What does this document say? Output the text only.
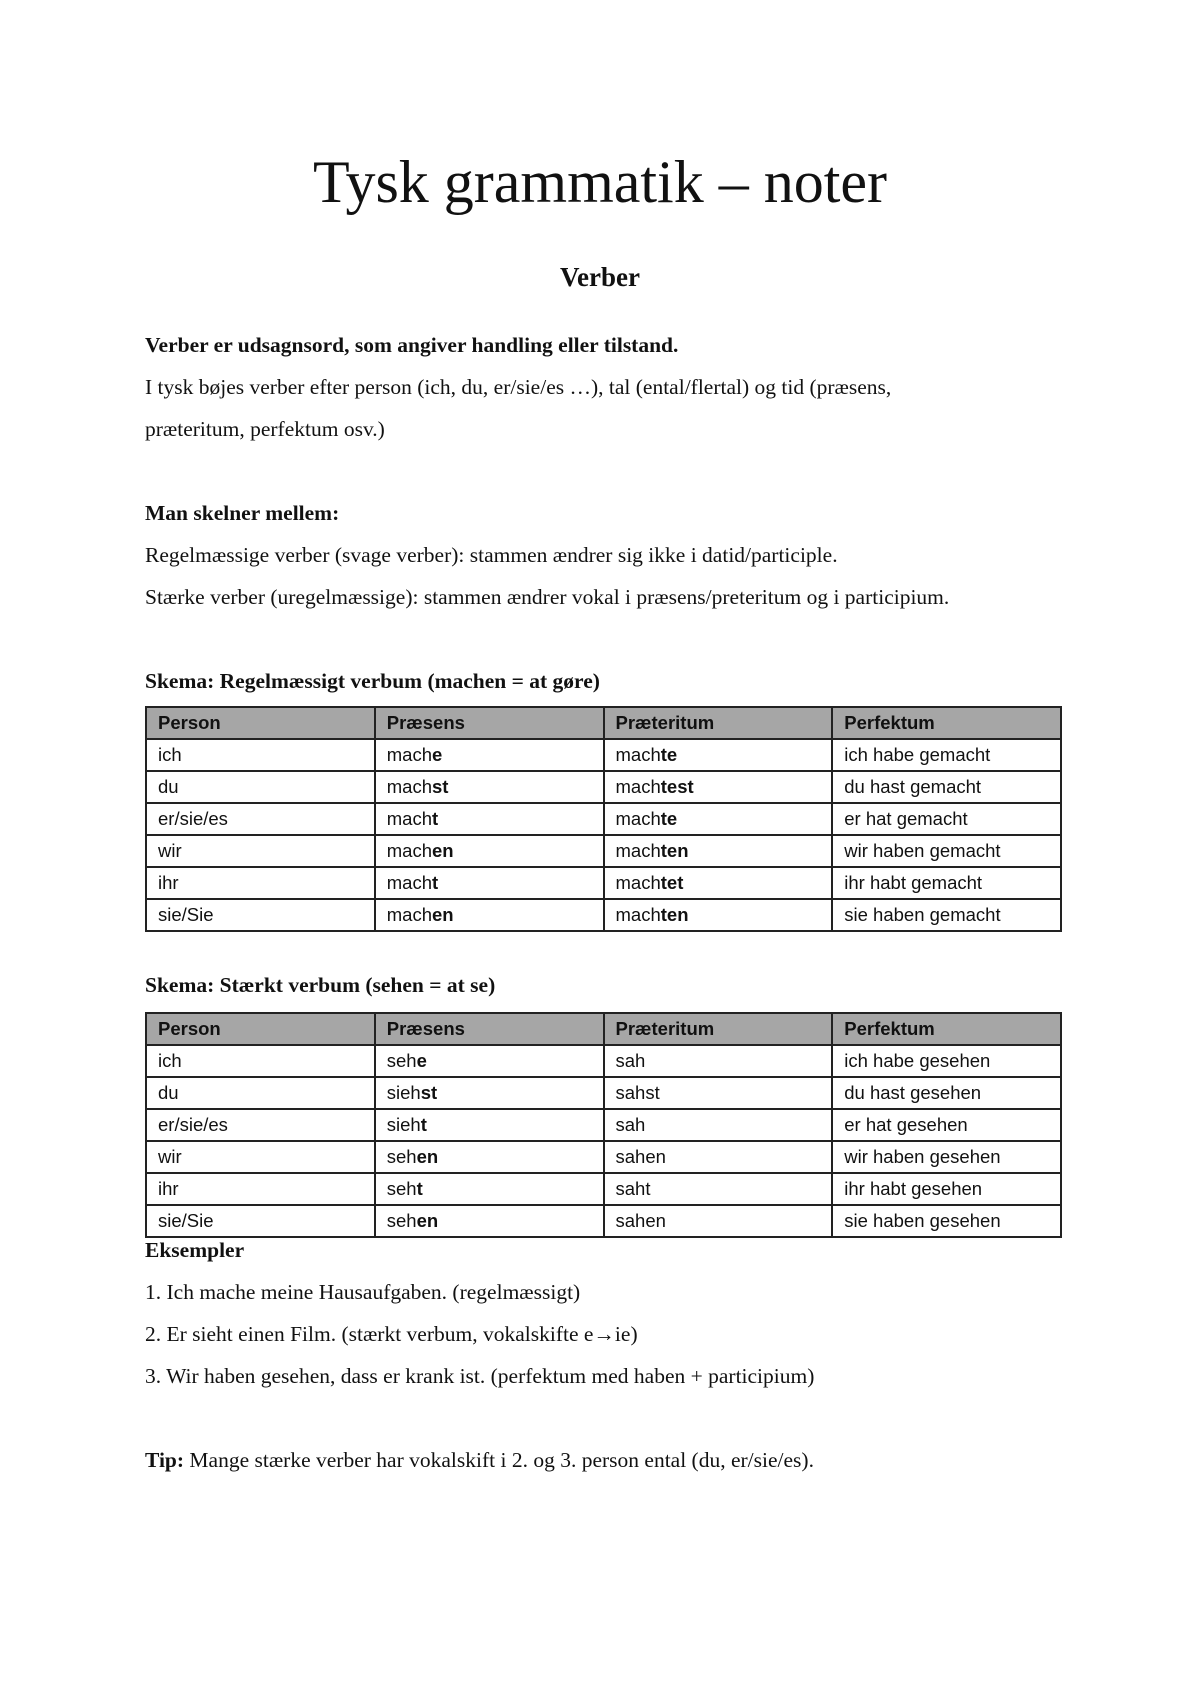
Tysk grammatik – noter
Verber

Verber er udsagnsord, som angiver handling eller tilstand.

I tysk bøjes verber efter person (ich, du, er/sie/es …), tal (ental/flertal) og tid (præsens,

præteritum, perfektum osv.)

Man skelner mellem:

Regelmæssige verber (svage verber): stammen ændrer sig ikke i datid/participle.

Stærke verber (uregelmæssige): stammen ændrer vokal i præsens/preteritum og i participium.

Skema: Regelmæssigt verbum (machen = at gøre)

Person	Præsens	Præteritum	Perfektum
ich	mache	machte	ich habe gemacht
du	machst	machtest	du hast gemacht
er/sie/es	macht	machte	er hat gemacht
wir	machen	machten	wir haben gemacht
ihr	macht	machtet	ihr habt gemacht
sie/Sie	machen	machten	sie haben gemacht

Skema: Stærkt verbum (sehen = at se)

Person	Præsens	Præteritum	Perfektum
ich	sehe	sah	ich habe gesehen
du	siehst	sahst	du hast gesehen
er/sie/es	sieht	sah	er hat gesehen
wir	sehen	sahen	wir haben gesehen
ihr	seht	saht	ihr habt gesehen
sie/Sie	sehen	sahen	sie haben gesehen

Eksempler

1. Ich mache meine Hausaufgaben. (regelmæssigt)

2. Er sieht einen Film. (stærkt verbum, vokalskifte e→ie)

3. Wir haben gesehen, dass er krank ist. (perfektum med haben + participium)

Tip: Mange stærke verber har vokalskift i 2. og 3. person ental (du, er/sie/es).
